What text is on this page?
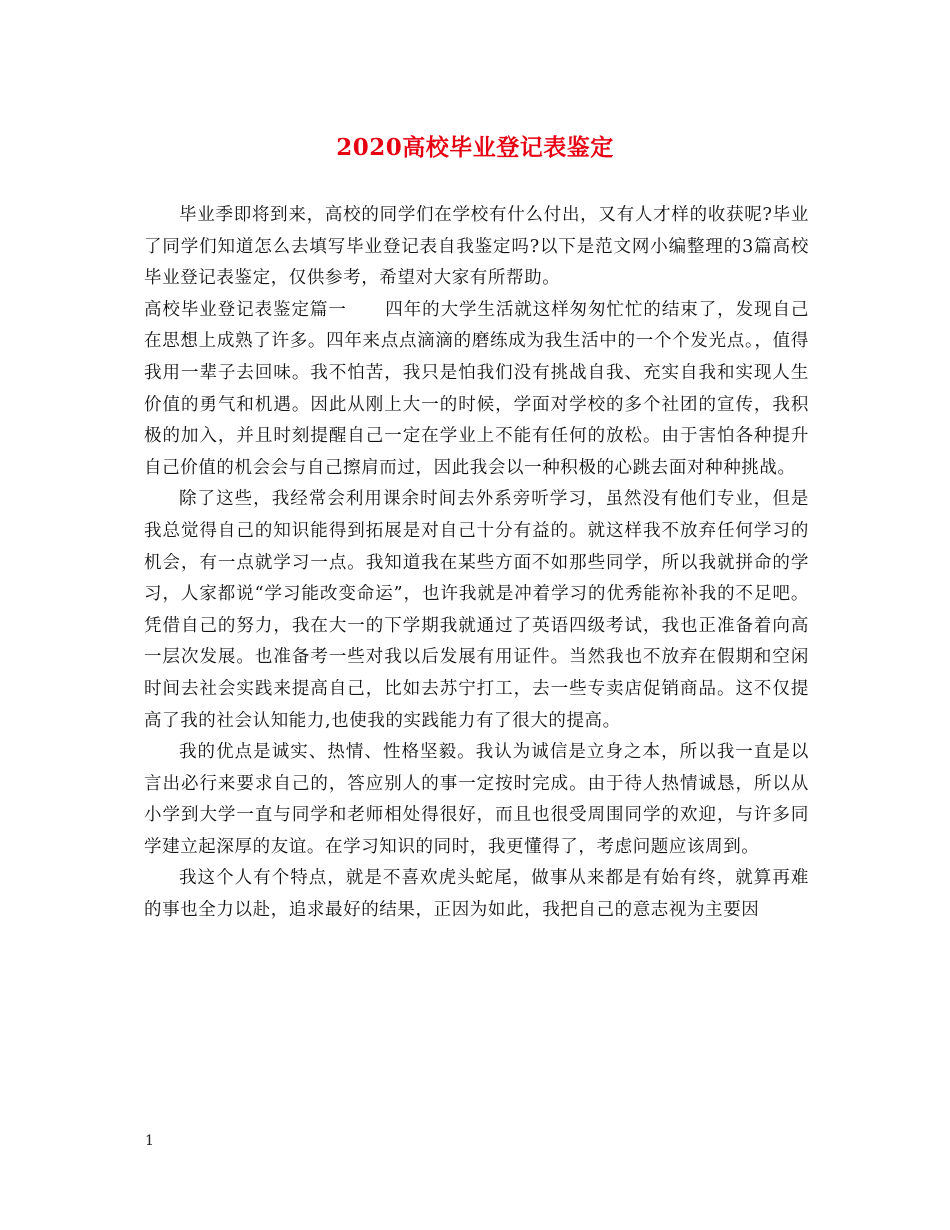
2020高校毕业登记表鉴定

毕业季即将到来，高校的同学们在学校有什么付出，又有人才样的收获呢?毕业了同学们知道怎么去填写毕业登记表自我鉴定吗?以下是范文网小编整理的3篇高校毕业登记表鉴定，仅供参考，希望对大家有所帮助。

高校毕业登记表鉴定篇一 四年的大学生活就这样匆匆忙忙的结束了，发现自己在思想上成熟了许多。四年来点点滴滴的磨练成为我生活中的一个个发光点。，值得我用一辈子去回味。我不怕苦，我只是怕我们没有挑战自我、充实自我和实现人生价值的勇气和机遇。因此从刚上大一的时候，学面对学校的多个社团的宣传，我积极的加入，并且时刻提醒自己一定在学业上不能有任何的放松。由于害怕各种提升自己价值的机会会与自己擦肩而过，因此我会以一种积极的心跳去面对种种挑战。

除了这些，我经常会利用课余时间去外系旁听学习，虽然没有他们专业，但是我总觉得自己的知识能得到拓展是对自己十分有益的。就这样我不放弃任何学习的机会，有一点就学习一点。我知道我在某些方面不如那些同学，所以我就拼命的学习，人家都说“学习能改变命运”，也许我就是冲着学习的优秀能祢补我的不足吧。凭借自己的努力，我在大一的下学期我就通过了英语四级考试，我也正准备着向高一层次发展。也准备考一些对我以后发展有用证件。当然我也不放弃在假期和空闲时间去社会实践来提高自己，比如去苏宁打工，去一些专卖店促销商品。这不仅提高了我的社会认知能力,也使我的实践能力有了很大的提高。

我的优点是诚实、热情、性格坚毅。我认为诚信是立身之本，所以我一直是以言出必行来要求自己的，答应别人的事一定按时完成。由于待人热情诚恳，所以从小学到大学一直与同学和老师相处得很好，而且也很受周围同学的欢迎，与许多同学建立起深厚的友谊。在学习知识的同时，我更懂得了，考虑问题应该周到。

我这个人有个特点，就是不喜欢虎头蛇尾，做事从来都是有始有终，就算再难的事也全力以赴，追求最好的结果，正因为如此，我把自己的意志视为主要因

1
